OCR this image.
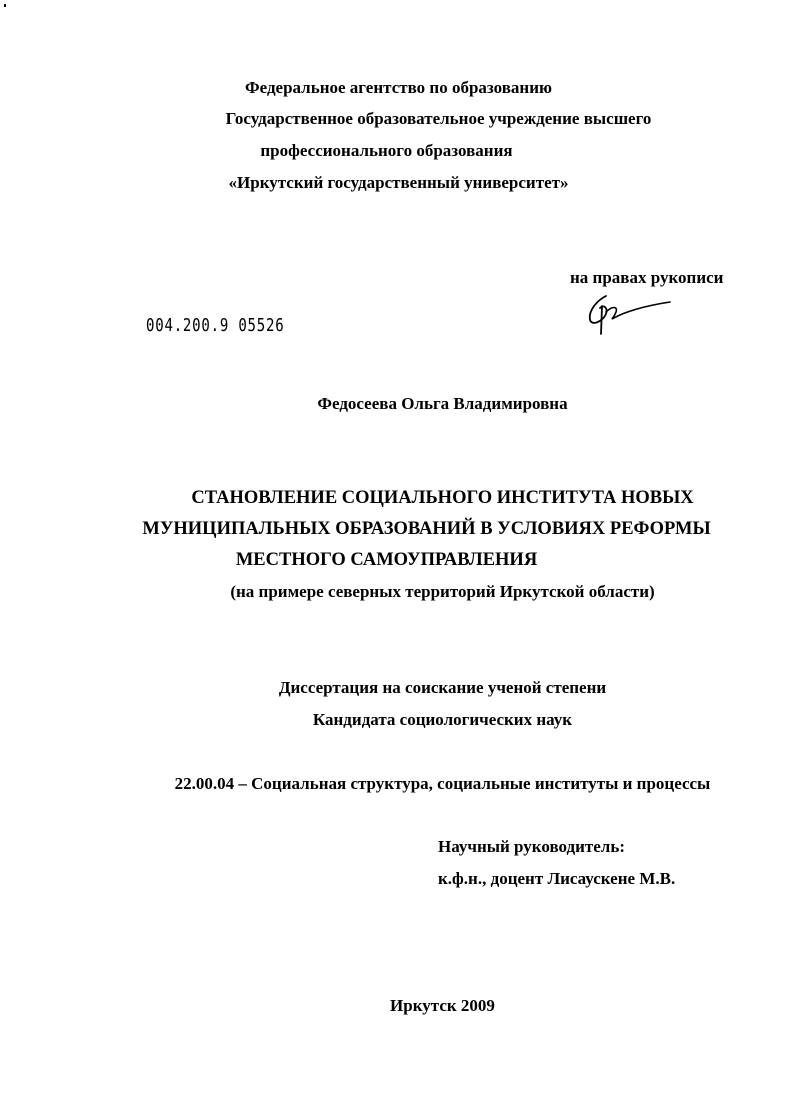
Федеральное агентство по образованию
Государственное образовательное учреждение высшего
профессионального образования
«Иркутский государственный университет»
на правах рукописи
004.200.9 05526
Федосеева Ольга Владимировна
СТАНОВЛЕНИЕ СОЦИАЛЬНОГО ИНСТИТУТА НОВЫХ
МУНИЦИПАЛЬНЫХ ОБРАЗОВАНИЙ В УСЛОВИЯХ РЕФОРМЫ
МЕСТНОГО САМОУПРАВЛЕНИЯ
(на примере северных территорий Иркутской области)
Диссертация на соискание ученой степени
Кандидата социологических наук
22.00.04 – Социальная структура, социальные институты и процессы
Научный руководитель:
к.ф.н., доцент Лисаускене М.В.
Иркутск 2009
